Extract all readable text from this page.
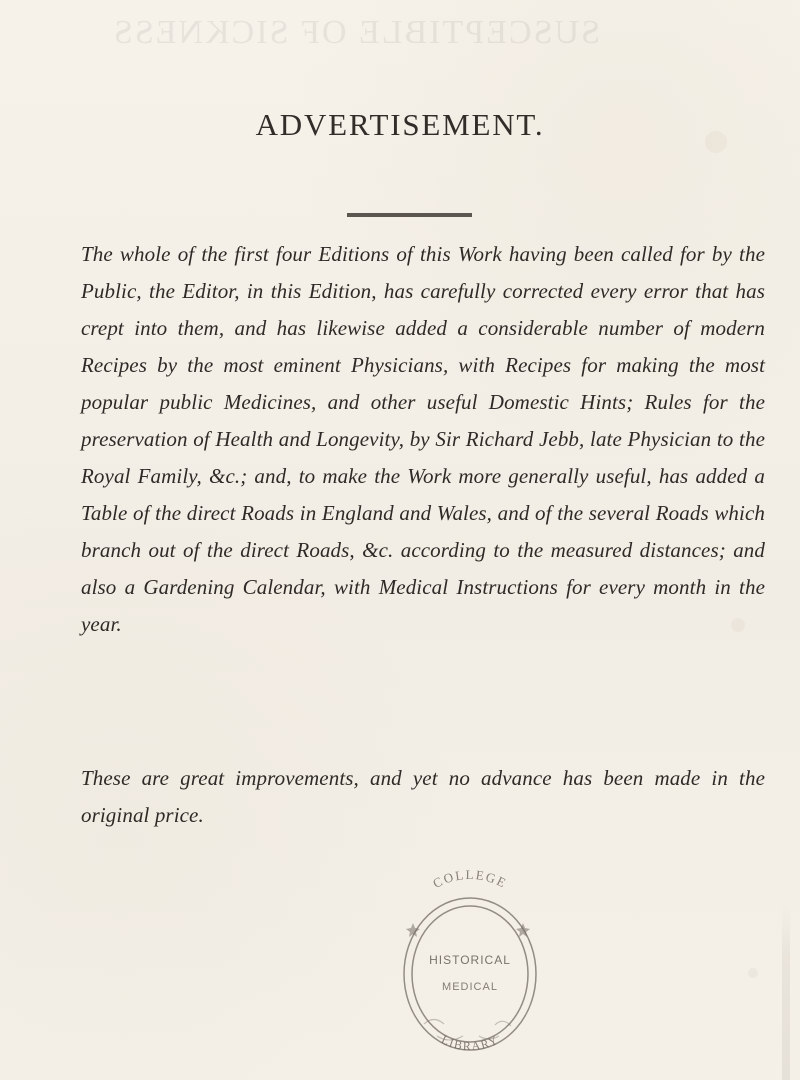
SUSCEPTIBLE OF SICKNESS
ADVERTISEMENT.

The whole of the first four Editions of this Work having been called for by the Public, the Editor, in this Edition, has carefully corrected every error that has crept into them, and has likewise added a considerable number of modern Recipes by the most eminent Physicians, with Recipes for making the most popular public Medicines, and other useful Domestic Hints; Rules for the preservation of Health and Longevity, by Sir Richard Jebb, late Physician to the Royal Family, &c.; and, to make the Work more generally useful, has added a Table of the direct Roads in England and Wales, and of the several Roads which branch out of the direct Roads, &c. according to the measured distances; and also a Gardening Calendar, with Medical Instructions for every month in the year.

These are great improvements, and yet no advance has been made in the original price.

COLLEGE
HISTORICAL
MEDICAL
LIBRARY
